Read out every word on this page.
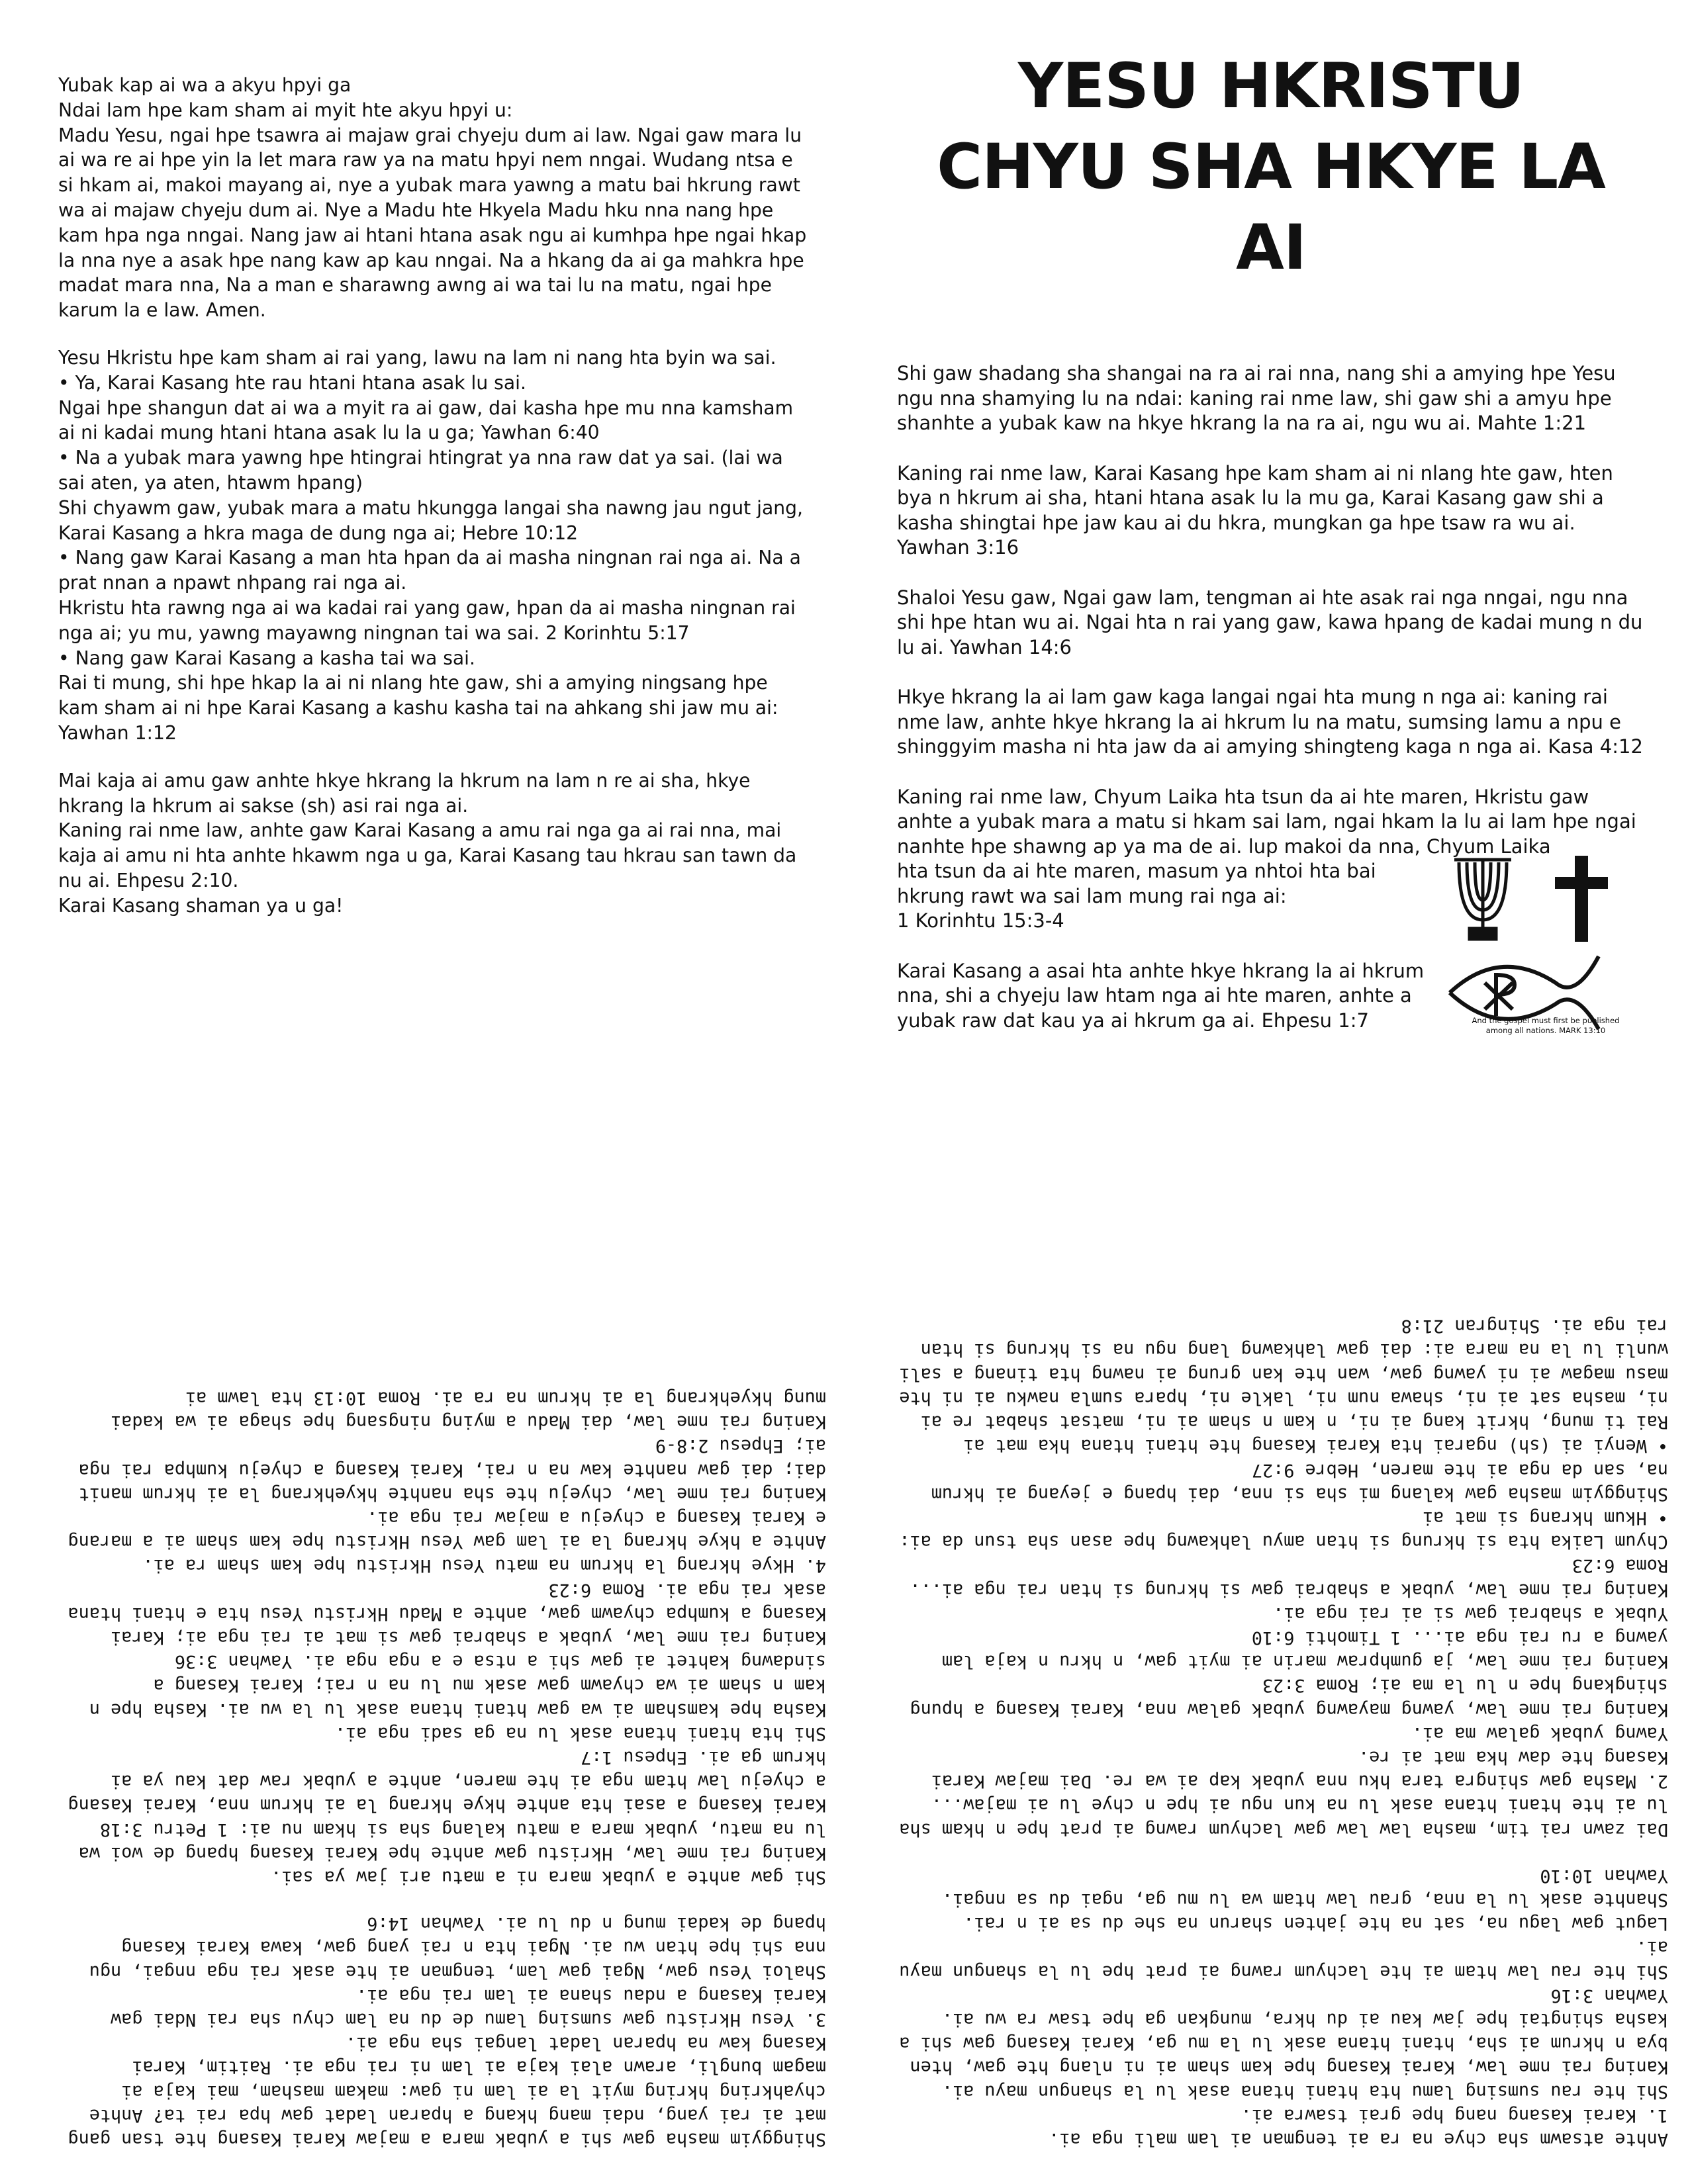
Yubak kap ai wa a akyu hpyi ga

Ndai lam hpe kam sham ai myit hte akyu hpyi u:

Madu Yesu, ngai hpe tsawra ai majaw grai chyeju dum ai law. Ngai gaw mara lu ai wa re ai hpe yin la let mara raw ya na matu hpyi nem nngai. Wudang ntsa e si hkam ai, makoi mayang ai, nye a yubak mara yawng a matu bai hkrung rawt wa ai majaw chyeju dum ai. Nye a Madu hte Hkyela Madu hku nna nang hpe kam hpa nga nngai. Nang jaw ai htani htana asak ngu ai kumhpa hpe ngai hkap la nna nye a asak hpe nang kaw ap kau nngai. Na a hkang da ai ga mahkra hpe madat mara nna, Na a man e sharawng awng ai wa tai lu na matu, ngai hpe karum la e law. Amen.

Yesu Hkristu hpe kam sham ai rai yang, lawu na lam ni nang hta byin wa sai.

• Ya, Karai Kasang hte rau htani htana asak lu sai.

Ngai hpe shangun dat ai wa a myit ra ai gaw, dai kasha hpe mu nna kamsham ai ni kadai mung htani htana asak lu la u ga; Yawhan 6:40

• Na a yubak mara yawng hpe htingrai htingrat ya nna raw dat ya sai. (lai wa sai aten, ya aten, htawm hpang)

Shi chyawm gaw, yubak mara a matu hkungga langai sha nawng jau ngut jang, Karai Kasang a hkra maga de dung nga ai; Hebre 10:12

• Nang gaw Karai Kasang a man hta hpan da ai masha ningnan rai nga ai. Na a prat nnan a npawt nhpang rai nga ai.

Hkristu hta rawng nga ai wa kadai rai yang gaw, hpan da ai masha ningnan rai nga ai; yu mu, yawng mayawng ningnan tai wa sai. 2 Korinhtu 5:17

• Nang gaw Karai Kasang a kasha tai wa sai.

Rai ti mung, shi hpe hkap la ai ni nlang hte gaw, shi a amying ningsang hpe kam sham ai ni hpe Karai Kasang a kashu kasha tai na ahkang shi jaw mu ai: Yawhan 1:12

Mai kaja ai amu gaw anhte hkye hkrang la hkrum na lam n re ai sha, hkye hkrang la hkrum ai sakse (sh) asi rai nga ai.

Kaning rai nme law, anhte gaw Karai Kasang a amu rai nga ga ai rai nna, mai kaja ai amu ni hta anhte hkawm nga u ga, Karai Kasang tau hkrau san tawn da nu ai. Ehpesu 2:10.

Karai Kasang shaman ya u ga!

YESU HKRISTU
CHYU SHA HKYE LA AI

Shi gaw shadang sha shangai na ra ai rai nna, nang shi a amying hpe Yesu ngu nna shamying lu na ndai: kaning rai nme law, shi gaw shi a amyu hpe shanhte a yubak kaw na hkye hkrang la na ra ai, ngu wu ai. Mahte 1:21

Kaning rai nme law, Karai Kasang hpe kam sham ai ni nlang hte gaw, hten bya n hkrum ai sha, htani htana asak lu la mu ga, Karai Kasang gaw shi a kasha shingtai hpe jaw kau ai du hkra, mungkan ga hpe tsaw ra wu ai. Yawhan 3:16

Shaloi Yesu gaw, Ngai gaw lam, tengman ai hte asak rai nga nngai, ngu nna shi hpe htan wu ai. Ngai hta n rai yang gaw, kawa hpang de kadai mung n du lu ai. Yawhan 14:6

Hkye hkrang la ai lam gaw kaga langai ngai hta mung n nga ai: kaning rai nme law, anhte hkye hkrang la ai hkrum lu na matu, sumsing lamu a npu e shinggyim masha ni hta jaw da ai amying shingteng kaga n nga ai. Kasa 4:12

Kaning rai nme law, Chyum Laika hta tsun da ai hte maren, Hkristu gaw anhte a yubak mara a matu si hkam sai lam, ngai hkam la lu ai lam hpe ngai nanhte hpe shawng ap ya ma de ai. lup makoi da nna, Chyum Laika

hta tsun da ai hte maren, masum ya nhtoi hta bai

hkrung rawt wa sai lam mung rai nga ai:

1 Korinhtu 15:3-4

Karai Kasang a asai hta anhte hkye hkrang la ai hkrum nna, shi a chyeju law htam nga ai hte maren, anhte a yubak raw dat kau ya ai hkrum ga ai. Ehpesu 1:7	And the gospel must first be published
among all nations. MARK 13:10

Shinggyim masha gaw shi a yubak mara a majaw Karai Kasang hte tsan gang mat ai rai yang, ndai mang hkang a hparan ladat gaw hpa rai ta? Anhte chyahkring hkring myit la ai lam ni gaw: makam masham, mai kaja ai magam bungli, arawn alai kaja ai lam ni rai nga ai. Raitim, Karai Kasang kaw na hparan ladat langai sha nga ai.

3. Yesu Hkristu gaw sumsing lamu de du na lam chyu sha rai Ndai gaw Karai Kasang a ndau shana ai lam rai nga ai.

Shaloi Yesu gaw, Ngai gaw lam, tengman ai hte asak rai nga nngai, ngu nna shi hpe htan wu ai. Ngai hta n rai yang gaw, kawa Karai Kasang hpang de kadai mung n du lu ai. Yawhan 14:6

Shi gaw anhte a yubak mara ni a matu ari jaw ya sai.

Kaning rai nme law, Hkristu gaw anhte hpe Karai Kasang hpang de woi wa lu na matu, yubak mara a matu kalang sha si hkam nu ai: 1 Petru 3:18

Karai Kasang a asai hta anhte hkye hkrang la ai hkrum nna, Karai Kasang a chyeju law htam nga ai hte maren, anhte a yubak raw dat kau ya ai hkrum ga ai. Ehpesu 1:7

Shi hta htani htana asak lu na ga sadi nga ai.

Kasha hpe kamsham ai wa gaw htani htana asak lu la wu ai. Kasha hpe n kam n sham ai wa chyawm gaw asak mu lu na n rai; Karai Kasang a sindawng kahtet ai gaw shi a ntsa e a nga nga ai. Yawhan 3:36

Kaning rai nme law, yubak a shabrai gaw si mat ai rai nga ai; Karai Kasang a kumhpa chyawm gaw, anhte a Madu Hkristu Yesu hta e htani htana asak rai nga ai. Roma 6:23

4. Hkye hkrang la hkrum na matu Yesu Hkristu hpe kam sham ra ai.

Anhte a hkye hkrang la ai lam gaw Yesu Hkristu hpe kam sham ai a marang e Karai Kasang a chyeju a majaw rai nga ai.

Kaning rai nme law, chyeju hte sha nanhte hkyehkrang la ai hkrum manit dai; dai gaw nanhte kaw na n rai, Karai Kasang a chyeju kumhpa rai nga ai; Ehpesu 2:8-9

Kaning rai nme law, dai Madu a mying ningsang hpe shaga ai wa kadai mung hkyehkrang la ai hkrum na ra ai. Roma 10:13 hta lawm ai

Anhte atsawm sha chye na ra ai tengman ai lam mali nga ai.

1. Karai Kasang nang hpe grai tsawra ai.

Shi hte rau sumsing lamu hta htani htana asak lu la shangun mayu ai.

Kaning rai nme law, Karai Kasang hpe kam sham ai ni nlang hte gaw, hten bya n hkrum ai sha, htani htana asak lu la mu ga, Karai Kasang gaw shi a kasha shingtai hpe jaw kau ai du hkra, mungkan ga hpe tsaw ra wu ai. Yawhan 3:16

Shi hte rau law htam ai hte lachyum rawng ai prat hpe lu la shangun mayu ai.

Lagut gaw lagu na, sat na hte jahten sharun na she du sa ai n rai. Shanhte asak lu la nna, grau law htam wa lu mu ga, ngai du sa nngai. Yawhan 10:10

Dai zawn rai tim, masha law law gaw lachyum rawng ai prat hpe n hkam sha lu ai hte htani htana asak lu na kun ngu ai hpe n chye lu ai majaw...

2. Masha gaw shingra tara hku nna yubak kap ai wa re. Dai majaw Karai Kasang hte daw hka mat ai re.

Yawng yubak galaw ma ai.

Kaning rai nme law, yawng mayawng yubak galaw nna, Karai Kasang a hpung shingkang hpe n lu la ma ai; Roma 3:23

Kaning rai nme law, ja gumhpraw marin ai myit gaw, n hkru n kaja lam yawng a ru rai nga ai... 1 Timohti 6:10

Yubak a shabrai gaw si ai rai nga ai.

Kaning rai nme law, yubak a shabrai gaw si hkrung si htan rai nga ai... Roma 6:23

Chyum Laika hta si hkrung si htan amyu lahkawng hpe asan sha tsun da ai:

• Hkum hkrang si mat ai

Shinggyim masha gaw kalang mi sha si nna, dai hpang e jeyang ai hkrum na, san da nga ai hte maren, Hebre 9:27

• Wenyi ai (sh) ngarai hta Karai Kasang hte htani htana hka mat ai

Rai ti mung, hkrit kang ai ni, n kam n sham ai ni, matsat shabat re ai ni, masha sat ai ni, shawa num ni, lakle ni, hpara sumla nawku ai ni hte masu magaw ai ni yawng gaw, wan hte kan grung ai nawng hta tinang a sali wunli lu la na mara ai: dai gaw lahkawng lang ngu na si hkrung si htan rai nga ai. Shingran 21:8
